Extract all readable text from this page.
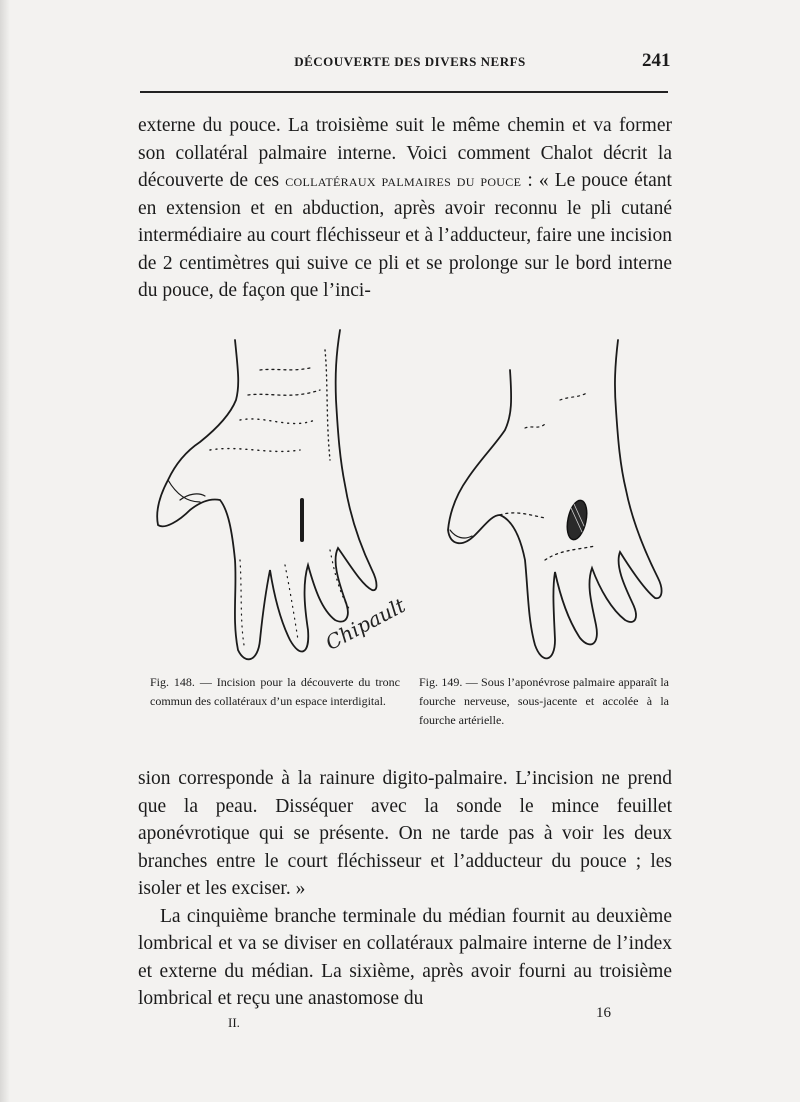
DÉCOUVERTE DES DIVERS NERFS	241

externe du pouce. La troisième suit le même chemin et va former son collatéral palmaire interne. Voici comment Chalot décrit la découverte de ces collatéraux palmaires du pouce : « Le pouce étant en extension et en abduction, après avoir reconnu le pli cutané intermédiaire au court fléchisseur et à l’adducteur, faire une incision de 2 centimètres qui suive ce pli et se prolonge sur le bord interne du pouce, de façon que l’inci-

Chipault
Fig. 148. — Incision pour la découverte du tronc commun des collatéraux d’un espace interdigital.
Fig. 149. — Sous l’aponévrose palmaire apparaît la fourche nerveuse, sous-jacente et accolée à la fourche artérielle.

sion corresponde à la rainure digito-palmaire. L’incision ne prend que la peau. Disséquer avec la sonde le mince feuillet aponévrotique qui se présente. On ne tarde pas à voir les deux branches entre le court fléchisseur et l’adducteur du pouce ; les isoler et les exciser. »

La cinquième branche terminale du médian fournit au deuxième lombrical et va se diviser en collatéraux palmaire interne de l’index et externe du médian. La sixième, après avoir fourni au troisième lombrical et reçu une anastomose du

II.
16
